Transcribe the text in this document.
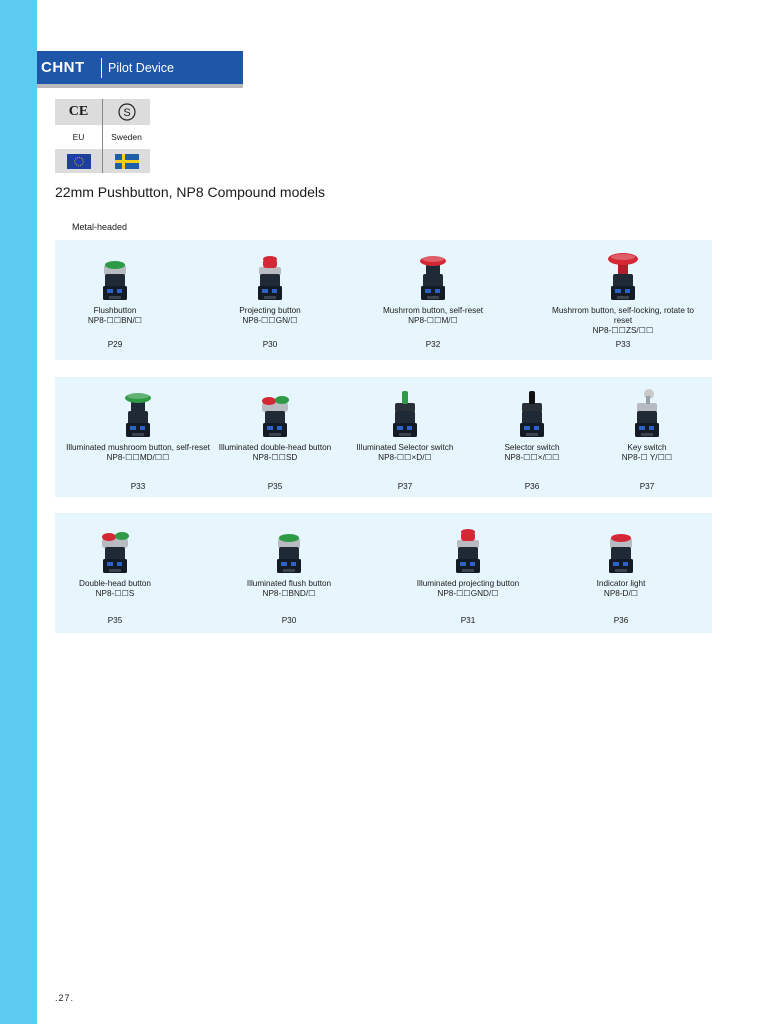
CHNT	Pilot Device
CE	S
EU	Sweden
22mm Pushbutton, NP8 Compound models
Metal-headed
Flushbutton
NP8-☐☐BN/☐
P29
Projecting button
NP8-☐☐GN/☐
P30
Mushrrom button, self-reset
NP8-☐☐M/☐
P32
Mushrrom button, self-locking, rotate to reset
NP8-☐☐ZS/☐☐
P33
Illuminated mushroom button, self-reset
NP8-☐☐MD/☐☐
P33
Illuminated double-head button
NP8-☐☐SD
P35
Illuminated Selector switch
NP8-☐☐×D/☐
P37
Selector switch
NP8-☐☐×/☐☐
P36
Key switch
NP8-☐ Y/☐☐
P37
Double-head button
NP8-☐☐S
P35
Illuminated flush button
NP8-☐BND/☐
P30
Illuminated projecting button
NP8-☐☐GND/☐
P31
Indicator light
NP8-D/☐
P36
.27.
